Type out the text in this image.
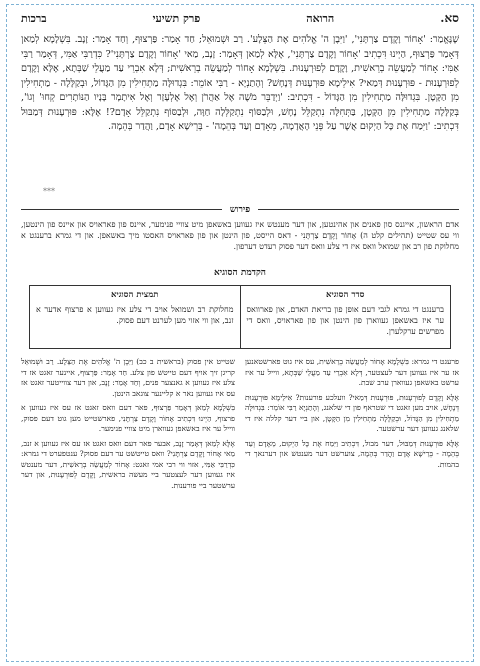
סא.
הרואה
פרק תשיעי
ברכות

שֶׁנֶּאֱמַר: 'אָחוֹר וָקֶדֶם צַרְתָּנִי', 'וַיִּבֶן ה' אֱלֹהִים אֶת הַצֵּלָע'. רַב וּשְׁמוּאֵל; חַד אָמַר: פַּרְצוּף, וְחַד אָמַר: זָנָב. בִּשְׁלָמָא לְמַאן דְּאָמַר פַּרְצוּף, הַיְינוּ דִּכְתִיב 'אָחוֹר וָקֶדֶם צַרְתָּנִי', אֶלָּא לְמַאן דְּאָמַר: זָנָב, מַאי 'אָחוֹר וָקֶדֶם צַרְתָּנִי'? כִּדְרַבִּי אַמִּי, דְּאָמַר רַבִּי אַמִּי: אָחוֹר לְמַעֲשֵׂה בְרֵאשִׁית, וָקֶדֶם לְפוּרְעָנוּת. בִּשְׁלָמָא אָחוֹר לְמַעֲשֵׂה בְרֵאשִׁית; דְּלָא אִבְרֵי עַד מַעֲלֵי שַׁבְּתָא, אֶלָּא וָקֶדֶם לְפוּרְעָנוּת - פּוּרְעָנוּת דְּמַאי? אִילֵימָא פּוּרְעָנוּת דְּנָחָשׁ? וְהָתַנְיָא - רַבִּי אוֹמֵר: בִּגְדוּלָּה מַתְחִילִין מִן הַגָּדוֹל, וּבְקַלָּלָה - מַתְחִילִין מִן הַקָּטָן. בִּגְדוּלָּה מַתְחִילִין מִן הַגָּדוֹל - דִּכְתִיב: 'וַיְדַבֵּר מֹשֶׁה אֶל אַהֲרֹן וְאֶל אֶלְעָזָר וְאֶל אִיתָמָר בָּנָיו הַנּוֹתָרִים קְחוּ' וְגוֹ', בְּקַלָּלָה מַתְחִילִין מִן הַקָּטָן, בַּתְּחִלָּה נִתְקַלֵּל נָחָשׁ, וּלְבַסּוֹף נִתְקַלְּלָה חַוָּה, וּלְבַסּוֹף נִתְקַלֵּל אָדָם?! אֶלָּא: פּוּרְעָנוּת דְּמַבּוּל דִּכְתִיב: 'וַיִּמַח אֶת כָּל הַיְקוּם אֲשֶׁר עַל פְּנֵי הָאֲדָמָה, מֵאָדָם וְעַד בְּהֵמָה' - בְּרֵישָׁא אָדָם, וַהֲדַר בְּהֵמָה.

***
פירוש
אדם הראשון, אייגנס סון פאנים און אהינטען, און דער מענטש איז געווען באשאפן מיט צוויי פנימער, איינס פון פאראויס און איינס פון הינטען, ווי עס שטייט (תהילים קלט ה) אָחוֹר וָקֶדֶם צַרְתָּנִי - דאס הייסט, פון הינטן און פון פאראויס האסטו מיך באשאפן. און די גמרא ברענגט א מחלוקת פון רב און שמואל וואס איז די צלע וואס דער פסוק רעדט דערפון.
הקדמת הסוגיא
סדר הסוגיא
ברענגט די גמרא לגבי דעם אופן פון בריאת האדם, און פארוואס ער איז באשאפן געווארן פון הינטן און פון פאראויס, וואס די מפרשים ערקלערן.
תמצית הסוגיא
מחלוקת רב ושמואל אויב די צלע איז געווען א פרצוף אדער א זנב, און ווי אזוי מען לערנט דעם פסוק.

שטייט אין פסוק (בראשית ב כב) וַיִּבֶן ה' אֱלֹהִים אֶת הַצֵּלָע. רַב וּשְׁמוּאֵל קריגן זיך אויף דעם טייטש פון צלע. חַד אָמַר: פַּרְצוּף, איינער זאגט אז די צלע איז געווען א גאנצער פנים, וְחַד אָמַר: זָנָב, און דער צווייטער זאגט אז עס איז געווען נאר א קליינער צוגאב הינטן.

בִּשְׁלָמָא לְמַאן דְּאָמַר פַּרְצוּף, פאר דעם וואס זאגט אז עס איז געווען א פרצוף, הַיְינוּ דִּכְתִיב אָחוֹר וָקֶדֶם צַרְתָּנִי, פארשטייט מען גוט דעם פסוק, ווייל ער איז באשאפן געווארן מיט צוויי פנימער.

אֶלָּא לְמַאן דְּאָמַר זָנָב, אבער פאר דעם וואס זאגט אז עס איז געווען א זנב, מַאי אָחוֹר וָקֶדֶם צַרְתָּנִי? וואס טייטשט ער דעם פסוק? ענטפערט די גמרא: כִּדְרַבִּי אַמִּי, אזוי ווי רבי אמי זאגט: אָחוֹר לְמַעֲשֵׂה בְרֵאשִׁית, דער מענטש איז געווען דער לעצטער ביי מעשה בראשית, וָקֶדֶם לְפוּרְעָנוּת, און דער ערשטער ביי פורענות.

פרעגט די גמרא: בִּשְׁלָמָא אָחוֹר לְמַעֲשֵׂה בְרֵאשִׁית, עס איז גוט פארשטאנען אז ער איז געווען דער לעצטער, דְּלָא אִבְרֵי עַד מַעֲלֵי שַׁבְּתָא, ווייל ער איז ערשט באשאפן געווארן ערב שבת.

אֶלָּא וָקֶדֶם לְפוּרְעָנוּת, פּוּרְעָנוּת דְּמַאי? וועלכע פורענות? אִילֵימָא פּוּרְעָנוּת דְּנָחָשׁ, אויב מען זאגט די שטראף פון די שלאנג, וְהָתַנְיָא רַבִּי אוֹמֵר: בִּגְדוּלָּה מַתְחִילִין מִן הַגָּדוֹל, וּבְקַלָּלָה מַתְחִילִין מִן הַקָּטָן, און ביי דער קללה איז די שלאנג געווען דער ערשטער.

אֶלָּא פּוּרְעָנוּת דְּמַבּוּל, דער מבול, דִּכְתִיב וַיִּמַח אֶת כָּל הַיְקוּם, מֵאָדָם וְעַד בְּהֵמָה - בְּרֵישָׁא אָדָם וַהֲדַר בְּהֵמָה, צוערשט דער מענטש און דערנאך די בהמות.
